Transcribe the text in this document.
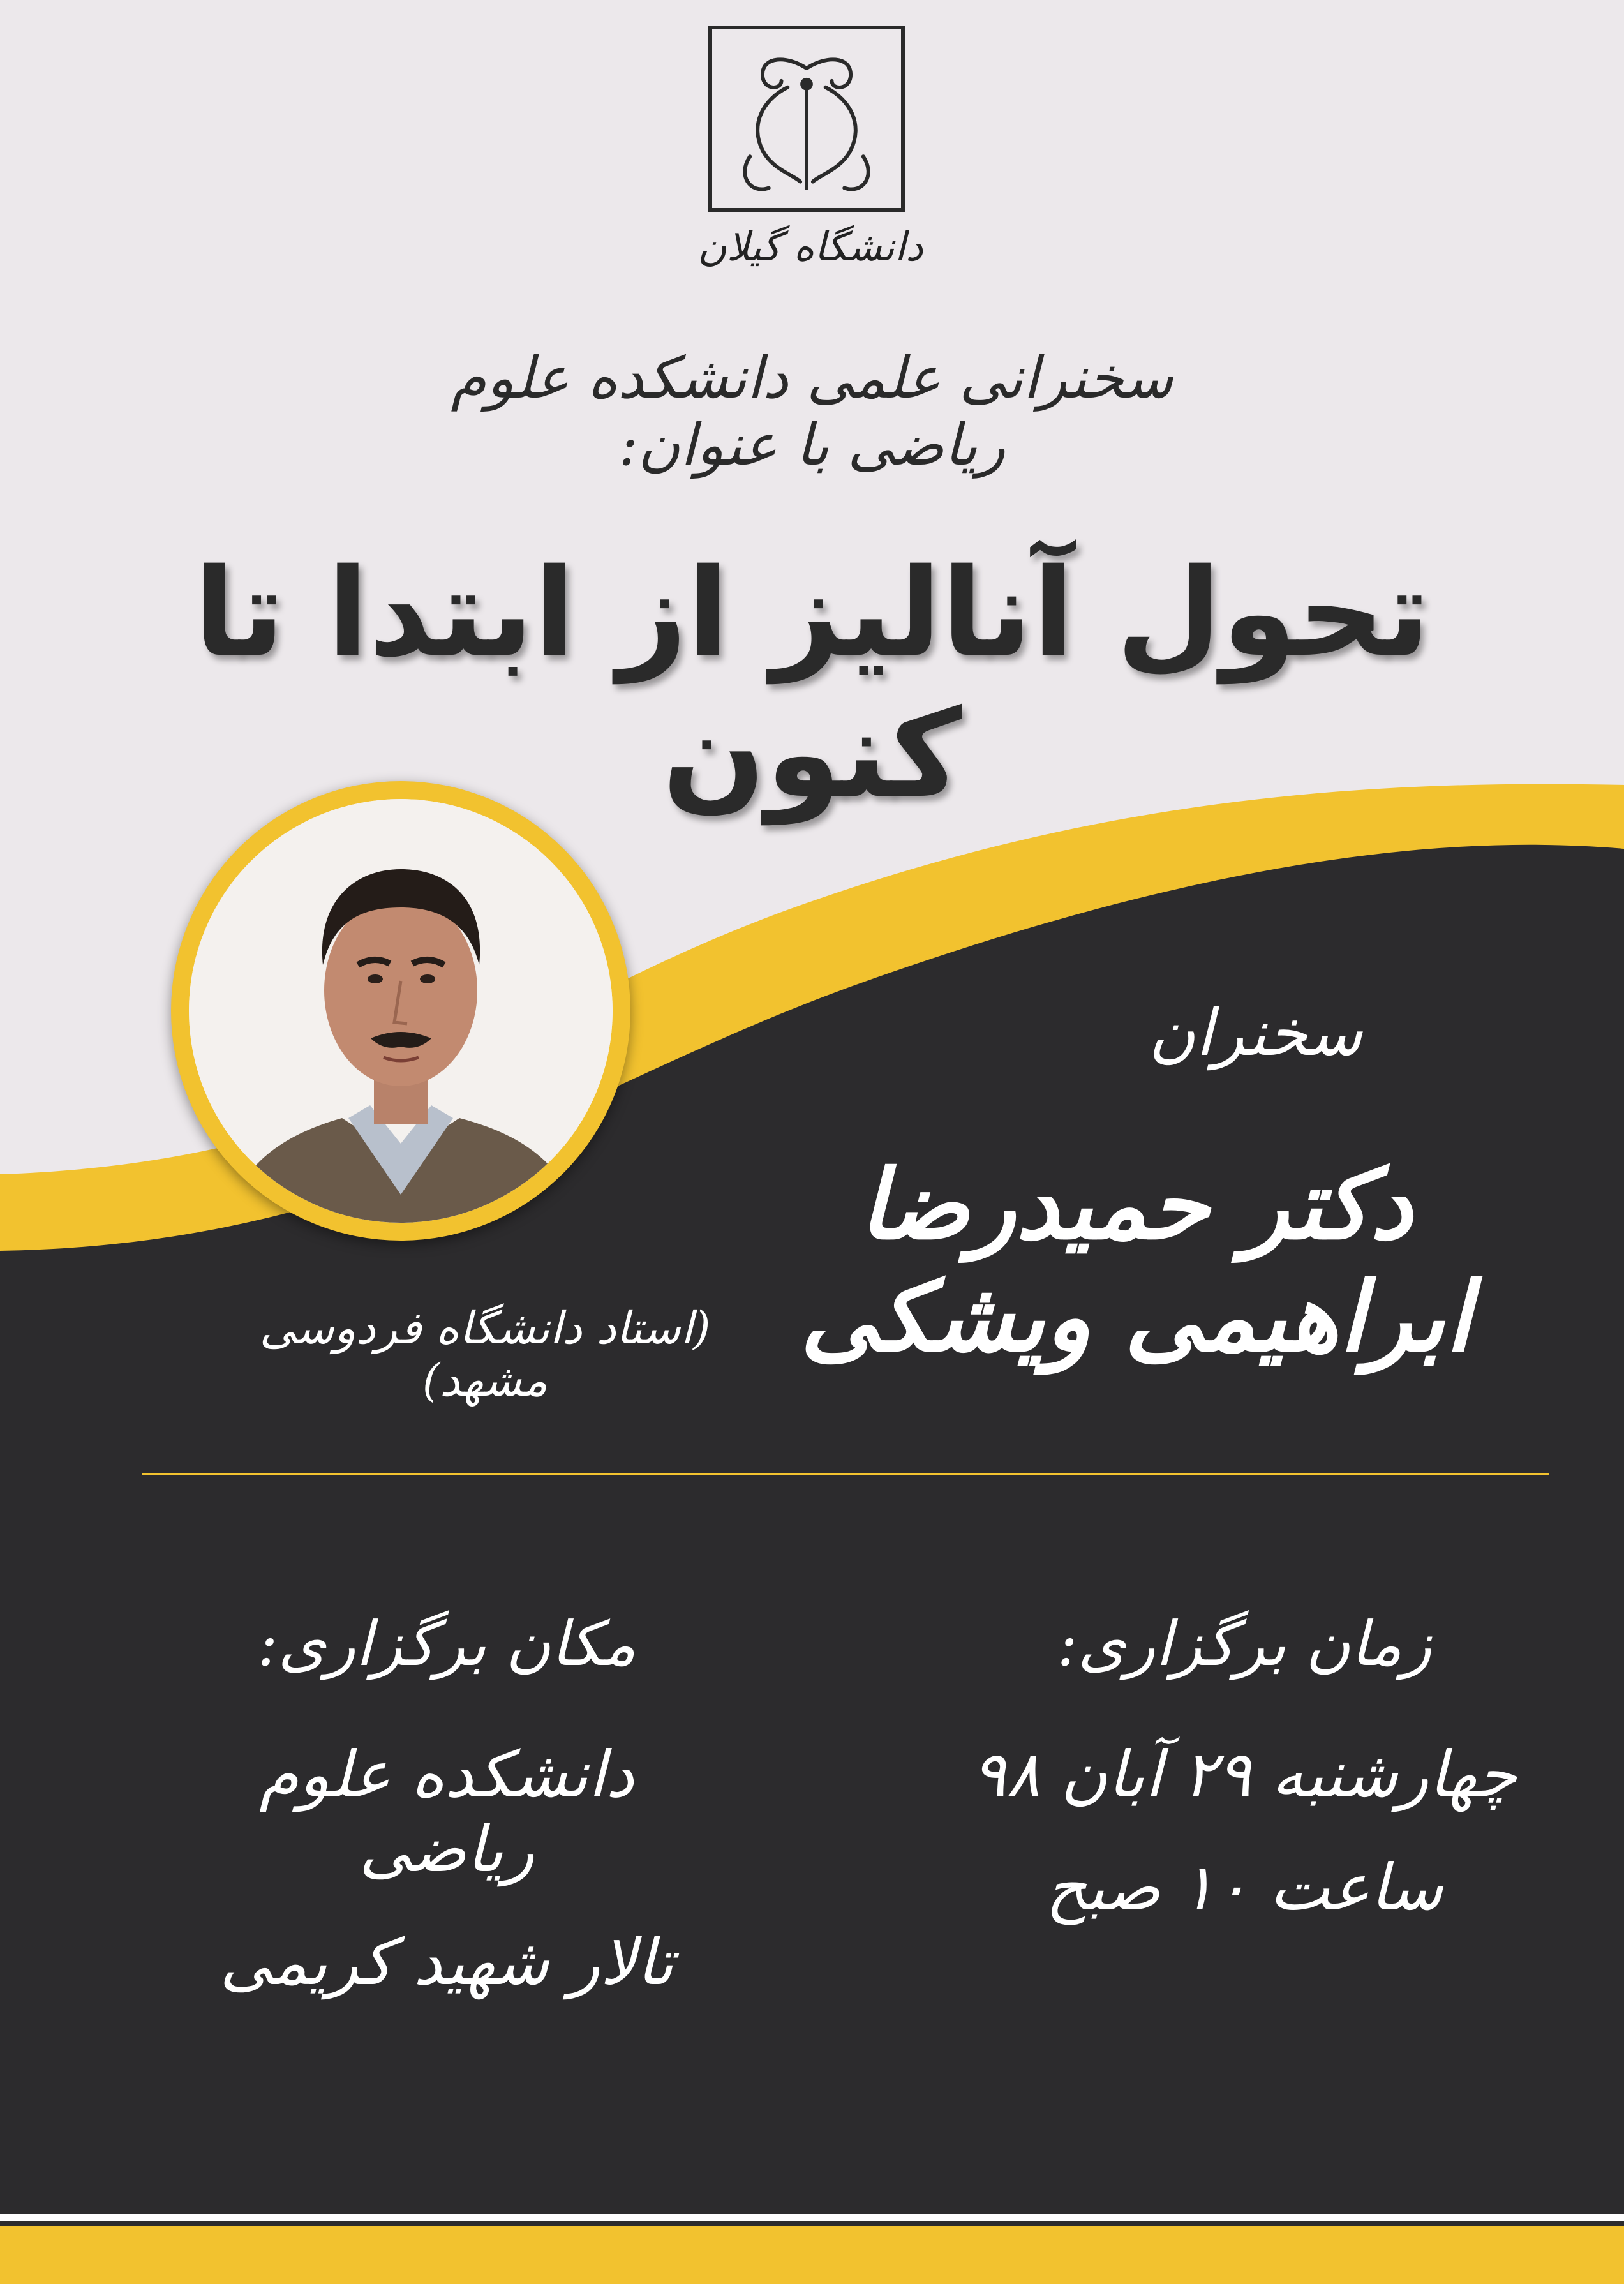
دانشگاه گیلان
سخنرانی علمی دانشکده علوم ریاضی با عنوان:
تحول آنالیز از ابتدا تا کنون
سخنران
دکتر حمیدرضا ابراهیمی ویشکی
(استاد دانشگاه فردوسی مشهد)
زمان برگزاری:
چهارشنبه ۲۹ آبان ۹۸
ساعت ۱۰ صبح
مکان برگزاری:
دانشکده علوم ریاضی
تالار شهید کریمی
